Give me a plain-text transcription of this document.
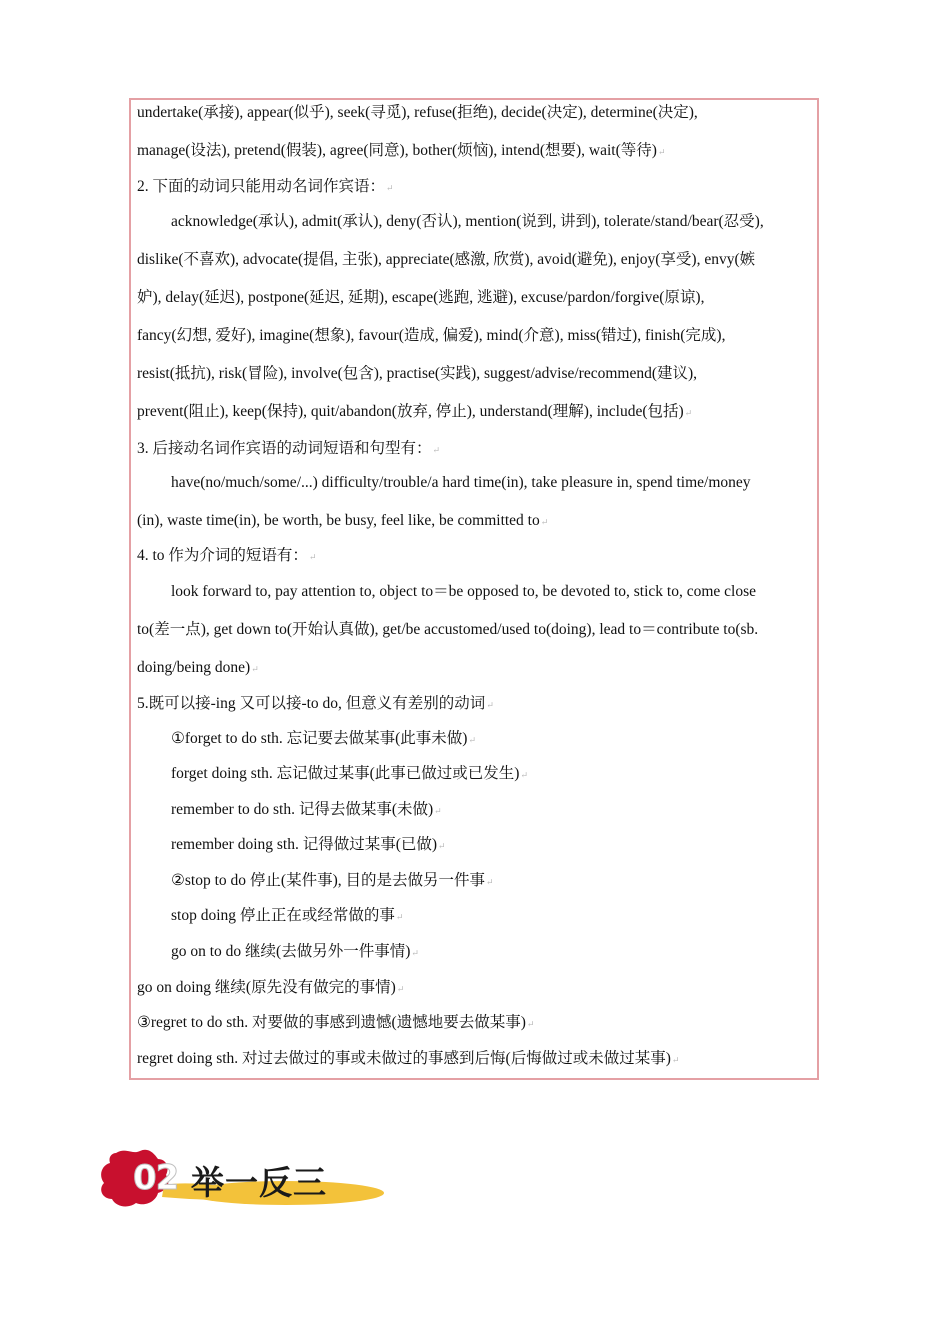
undertake(承接), appear(似乎), seek(寻觅), refuse(拒绝), decide(决定), determine(决定),
manage(设法), pretend(假装), agree(同意), bother(烦恼), intend(想要), wait(等待)↵
2. 下面的动词只能用动名词作宾语：↵
acknowledge(承认), admit(承认), deny(否认), mention(说到, 讲到), tolerate/stand/bear(忍受),
dislike(不喜欢), advocate(提倡, 主张), appreciate(感激, 欣赏), avoid(避免), enjoy(享受), envy(嫉
妒), delay(延迟), postpone(延迟, 延期), escape(逃跑, 逃避), excuse/pardon/forgive(原谅),
fancy(幻想, 爱好), imagine(想象), favour(造成, 偏爱), mind(介意), miss(错过), finish(完成),
resist(抵抗), risk(冒险), involve(包含), practise(实践), suggest/advise/recommend(建议),
prevent(阻止), keep(保持), quit/abandon(放弃, 停止), understand(理解), include(包括)↵
3. 后接动名词作宾语的动词短语和句型有：↵
have(no/much/some/...) difficulty/trouble/a hard time(in), take pleasure in, spend time/money
(in), waste time(in), be worth, be busy, feel like, be committed to↵
4. to 作为介词的短语有：↵
look forward to, pay attention to, object to＝be opposed to, be devoted to, stick to, come close
to(差一点), get down to(开始认真做), get/be accustomed/used to(doing), lead to＝contribute to(sb.
doing/being done)↵
5.既可以接-ing 又可以接-to do, 但意义有差别的动词↵
①forget to do sth. 忘记要去做某事(此事未做)↵
forget doing sth. 忘记做过某事(此事已做过或已发生)↵
remember to do sth. 记得去做某事(未做)↵
remember doing sth. 记得做过某事(已做)↵
②stop to do 停止(某件事), 目的是去做另一件事↵
stop doing 停止正在或经常做的事↵
go on to do 继续(去做另外一件事情)↵
go on doing 继续(原先没有做完的事情)↵
③regret to do sth. 对要做的事感到遗憾(遗憾地要去做某事)↵
regret doing sth. 对过去做过的事或未做过的事感到后悔(后悔做过或未做过某事)↵
02 举一反三
